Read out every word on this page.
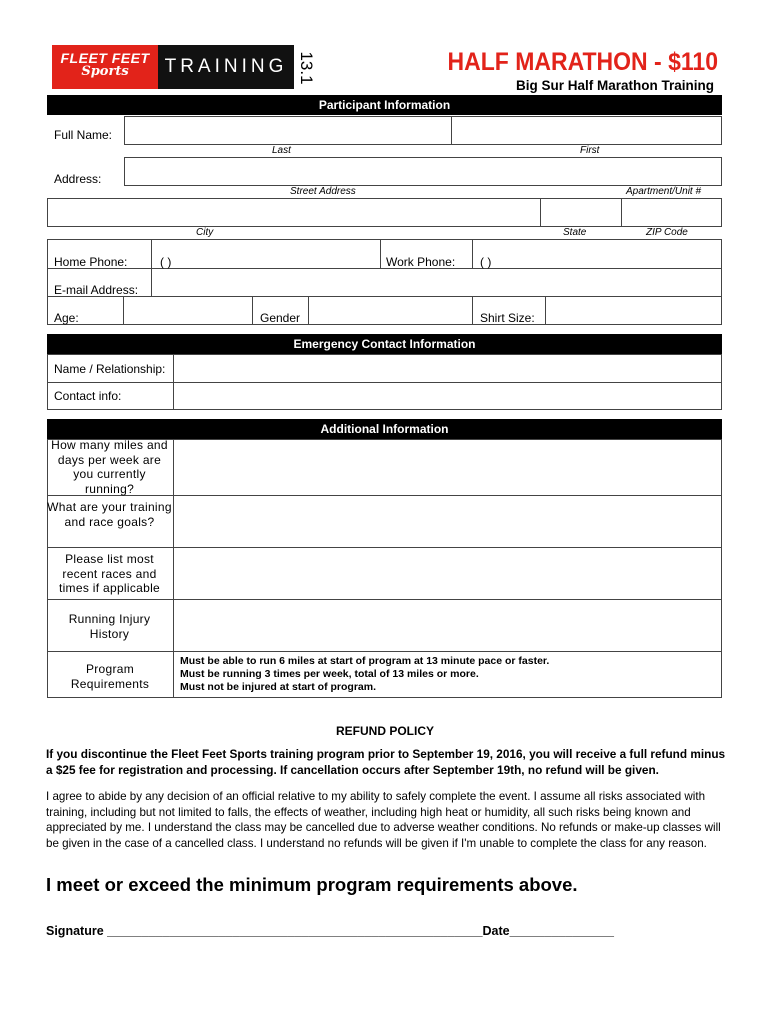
FLEET FEET
Sports	TRAINING 13.1	HALF MARATHON - $110
Big Sur Half Marathon Training
Participant Information
Full Name:
Last	First
Address:
Street Address	Apartment/Unit #
City	State	ZIP Code
Home Phone:	( )	Work Phone: ( )
E-mail Address:
Age:	Gender	Shirt Size:
Emergency Contact Information
Name / Relationship:
Contact info:
Additional Information
How many miles and days per week are you currently running?
What are your training and race goals?
Please list most recent races and times if applicable
Running Injury History
Program Requirements
Must be able to run 6 miles at start of program at 13 minute pace or faster.
Must be running 3 times per week, total of 13 miles or more.
Must not be injured at start of program.
REFUND POLICY
If you discontinue the Fleet Feet Sports training program prior to September 19, 2016, you will receive a full refund minus a $25 fee for registration and processing. If cancellation occurs after September 19th, no refund will be given.
I agree to abide by any decision of an official relative to my ability to safely complete the event. I assume all risks associated with training, including but not limited to falls, the effects of weather, including high heat or humidity, all such risks being known and appreciated by me. I understand the class may be cancelled due to adverse weather conditions. No refunds or make-up classes will be given in the case of a cancelled class. I understand no refunds will be given if I'm unable to complete the class for any reason.
I meet or exceed the minimum program requirements above.
Signature ______________________________________________________Date_______________
